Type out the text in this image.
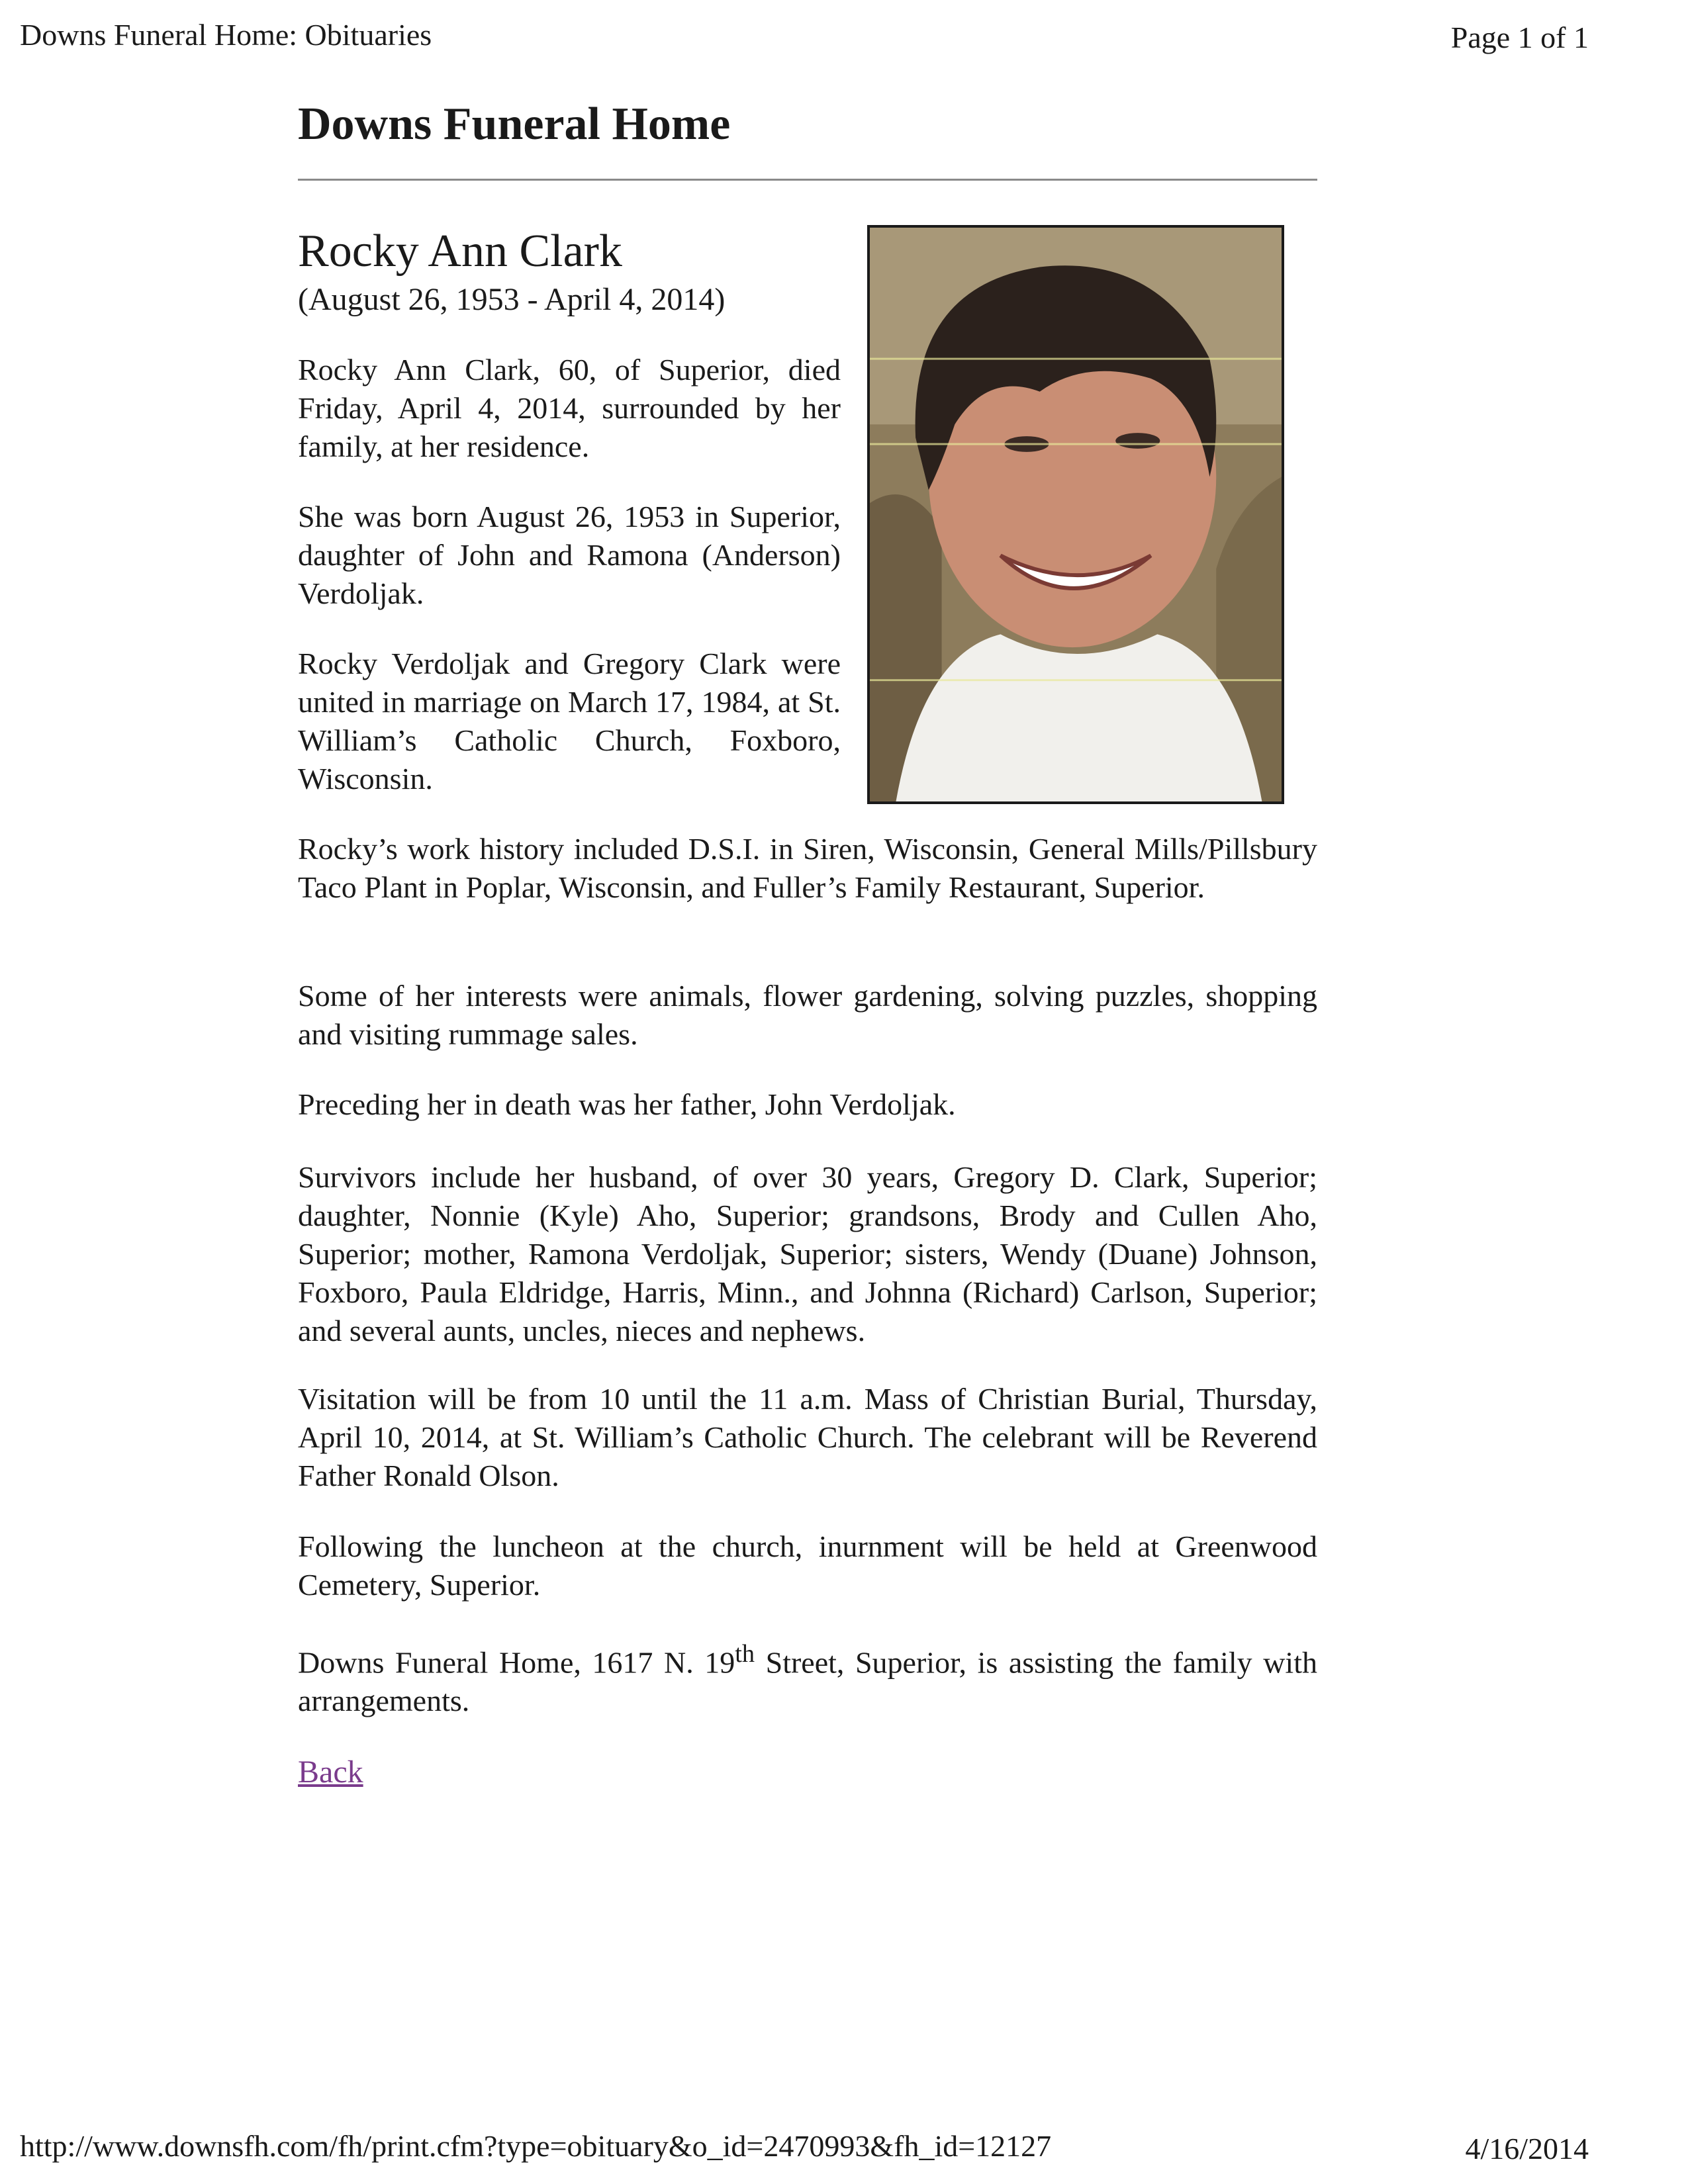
Downs Funeral Home: Obituaries	Page 1 of 1
Downs Funeral Home
Rocky Ann Clark
(August 26, 1953 - April 4, 2014)

Rocky Ann Clark, 60, of Superior, died Friday, April 4, 2014, surrounded by her family, at her residence.

She was born August 26, 1953 in Superior, daughter of John and Ramona (Anderson) Verdoljak.

Rocky Verdoljak and Gregory Clark were united in marriage on March 17, 1984, at St. William’s Catholic Church, Foxboro, Wisconsin.

Rocky’s work history included D.S.I. in Siren, Wisconsin, General Mills/Pillsbury Taco Plant in Poplar, Wisconsin, and Fuller’s Family Restaurant, Superior.

Some of her interests were animals, flower gardening, solving puzzles, shopping and visiting rummage sales.

Preceding her in death was her father, John Verdoljak.

Survivors include her husband, of over 30 years, Gregory D. Clark, Superior; daughter, Nonnie (Kyle) Aho, Superior; grandsons, Brody and Cullen Aho, Superior; mother, Ramona Verdoljak, Superior; sisters, Wendy (Duane) Johnson, Foxboro, Paula Eldridge, Harris, Minn., and Johnna (Richard) Carlson, Superior; and several aunts, uncles, nieces and nephews.

Visitation will be from 10 until the 11 a.m. Mass of Christian Burial, Thursday, April 10, 2014, at St. William’s Catholic Church. The celebrant will be Reverend Father Ronald Olson.

Following the luncheon at the church, inurnment will be held at Greenwood Cemetery, Superior.

Downs Funeral Home, 1617 N. 19th Street, Superior, is assisting the family with arrangements.

Back
http://www.downsfh.com/fh/print.cfm?type=obituary&o_id=2470993&fh_id=12127	4/16/2014
